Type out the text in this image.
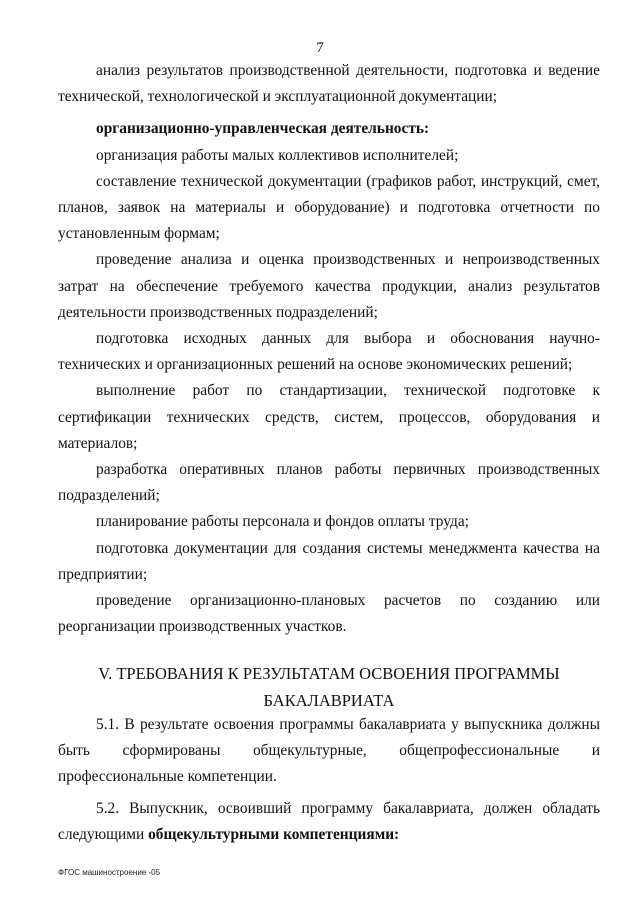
7

анализ результатов производственной деятельности, подготовка и ведение технической, технологической и эксплуатационной документации;

организационно-управленческая деятельность:

организация работы малых коллективов исполнителей;

составление технической документации (графиков работ, инструкций, смет, планов, заявок на материалы и оборудование) и подготовка отчетности по установленным формам;

проведение анализа и оценка производственных и непроизводственных затрат на обеспечение требуемого качества продукции, анализ результатов деятельности производственных подразделений;

подготовка исходных данных для выбора и обоснования научно-технических и организационных решений на основе экономических решений;

выполнение работ по стандартизации, технической подготовке к сертификации технических средств, систем, процессов, оборудования и материалов;

разработка оперативных планов работы первичных производственных подразделений;

планирование работы персонала и фондов оплаты труда;

подготовка документации для создания системы менеджмента качества на предприятии;

проведение организационно-плановых расчетов по созданию или реорганизации производственных участков.

V. ТРЕБОВАНИЯ К РЕЗУЛЬТАТАМ ОСВОЕНИЯ ПРОГРАММЫ
БАКАЛАВРИАТА

5.1. В результате освоения программы бакалавриата у выпускника должны быть сформированы общекультурные, общепрофессиональные и профессиональные компетенции.

5.2. Выпускник, освоивший программу бакалавриата, должен обладать следующими общекультурными компетенциями:

ФГОС машиностроение -05
